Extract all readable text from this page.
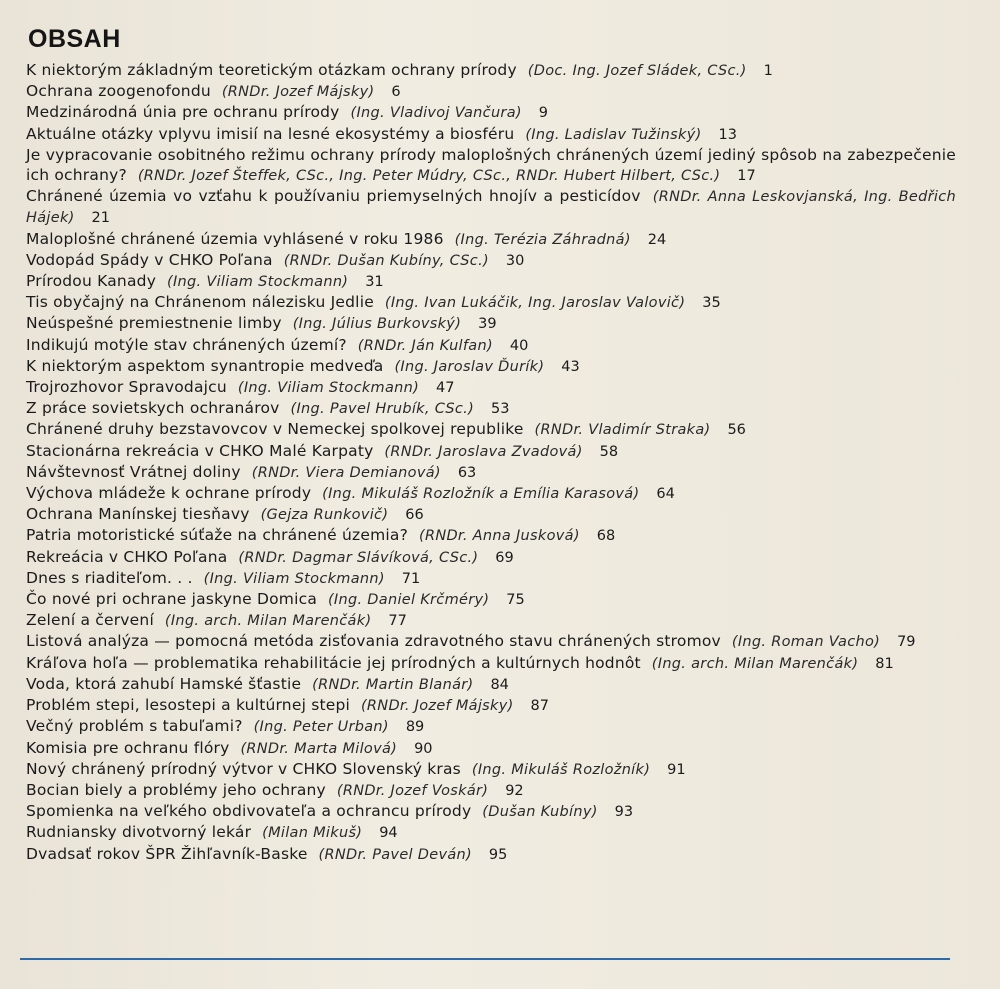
OBSAH
K niektorým základným teoretickým otázkam ochrany prírody (Doc. Ing. Jozef Sládek, CSc.) 1
Ochrana zoogenofondu (RNDr. Jozef Májsky) 6
Medzinárodná únia pre ochranu prírody (Ing. Vladivoj Vančura) 9
Aktuálne otázky vplyvu imisií na lesné ekosystémy a biosféru (Ing. Ladislav Tužinský) 13
Je vypracovanie osobitného režimu ochrany prírody maloplošných chránených území jediný spôsob na zabezpečenie ich ochrany? (RNDr. Jozef Šteffek, CSc., Ing. Peter Múdry, CSc., RNDr. Hubert Hilbert, CSc.) 17
Chránené územia vo vzťahu k používaniu priemyselných hnojív a pesticídov (RNDr. Anna Leskovjanská, Ing. Bedřich Hájek) 21
Maloplošné chránené územia vyhlásené v roku 1986 (Ing. Terézia Záhradná) 24
Vodopád Spády v CHKO Poľana (RNDr. Dušan Kubíny, CSc.) 30
Prírodou Kanady (Ing. Viliam Stockmann) 31
Tis obyčajný na Chránenom nálezisku Jedlie (Ing. Ivan Lukáčik, Ing. Jaroslav Valovič) 35
Neúspešné premiestnenie limby (Ing. Július Burkovský) 39
Indikujú motýle stav chránených území? (RNDr. Ján Kulfan) 40
K niektorým aspektom synantropie medveďa (Ing. Jaroslav Ďurík) 43
Trojrozhovor Spravodajcu (Ing. Viliam Stockmann) 47
Z práce sovietskych ochranárov (Ing. Pavel Hrubík, CSc.) 53
Chránené druhy bezstavovcov v Nemeckej spolkovej republike (RNDr. Vladimír Straka) 56
Stacionárna rekreácia v CHKO Malé Karpaty (RNDr. Jaroslava Zvadová) 58
Návštevnosť Vrátnej doliny (RNDr. Viera Demianová) 63
Výchova mládeže k ochrane prírody (Ing. Mikuláš Rozložník a Emília Karasová) 64
Ochrana Manínskej tiesňavy (Gejza Runkovič) 66
Patria motoristické súťaže na chránené územia? (RNDr. Anna Jusková) 68
Rekreácia v CHKO Poľana (RNDr. Dagmar Slávíková, CSc.) 69
Dnes s riaditeľom. . . (Ing. Viliam Stockmann) 71
Čo nové pri ochrane jaskyne Domica (Ing. Daniel Krčméry) 75
Zelení a červení (Ing. arch. Milan Marenčák) 77
Listová analýza — pomocná metóda zisťovania zdravotného stavu chránených stromov (Ing. Roman Vacho) 79
Kráľova hoľa — problematika rehabilitácie jej prírodných a kultúrnych hodnôt (Ing. arch. Milan Marenčák) 81
Voda, ktorá zahubí Hamské šťastie (RNDr. Martin Blanár) 84
Problém stepi, lesostepi a kultúrnej stepi (RNDr. Jozef Májsky) 87
Večný problém s tabuľami? (Ing. Peter Urban) 89
Komisia pre ochranu flóry (RNDr. Marta Milová) 90
Nový chránený prírodný výtvor v CHKO Slovenský kras (Ing. Mikuláš Rozložník) 91
Bocian biely a problémy jeho ochrany (RNDr. Jozef Voskár) 92
Spomienka na veľkého obdivovateľa a ochrancu prírody (Dušan Kubíny) 93
Rudniansky divotvorný lekár (Milan Mikuš) 94
Dvadsať rokov ŠPR Žihľavník-Baske (RNDr. Pavel Deván) 95
